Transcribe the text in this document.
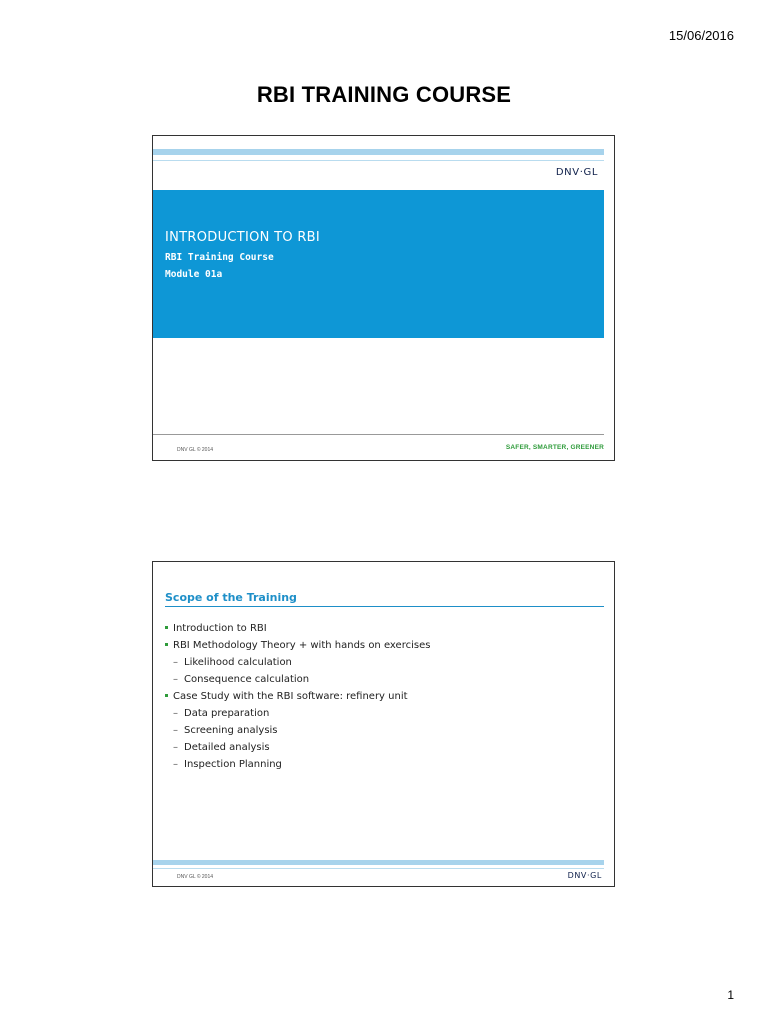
15/06/2016
RBI TRAINING COURSE
DNV·GL
INTRODUCTION TO RBI
RBI Training Course
Module 01a
DNV GL © 2014	SAFER, SMARTER, GREENER
Scope of the Training
Introduction to RBI
RBI Methodology Theory + with hands on exercises
– Likelihood calculation
– Consequence calculation
Case Study with the RBI software: refinery unit
– Data preparation
– Screening analysis
– Detailed analysis
– Inspection Planning
DNV GL © 2014	DNV·GL
1
